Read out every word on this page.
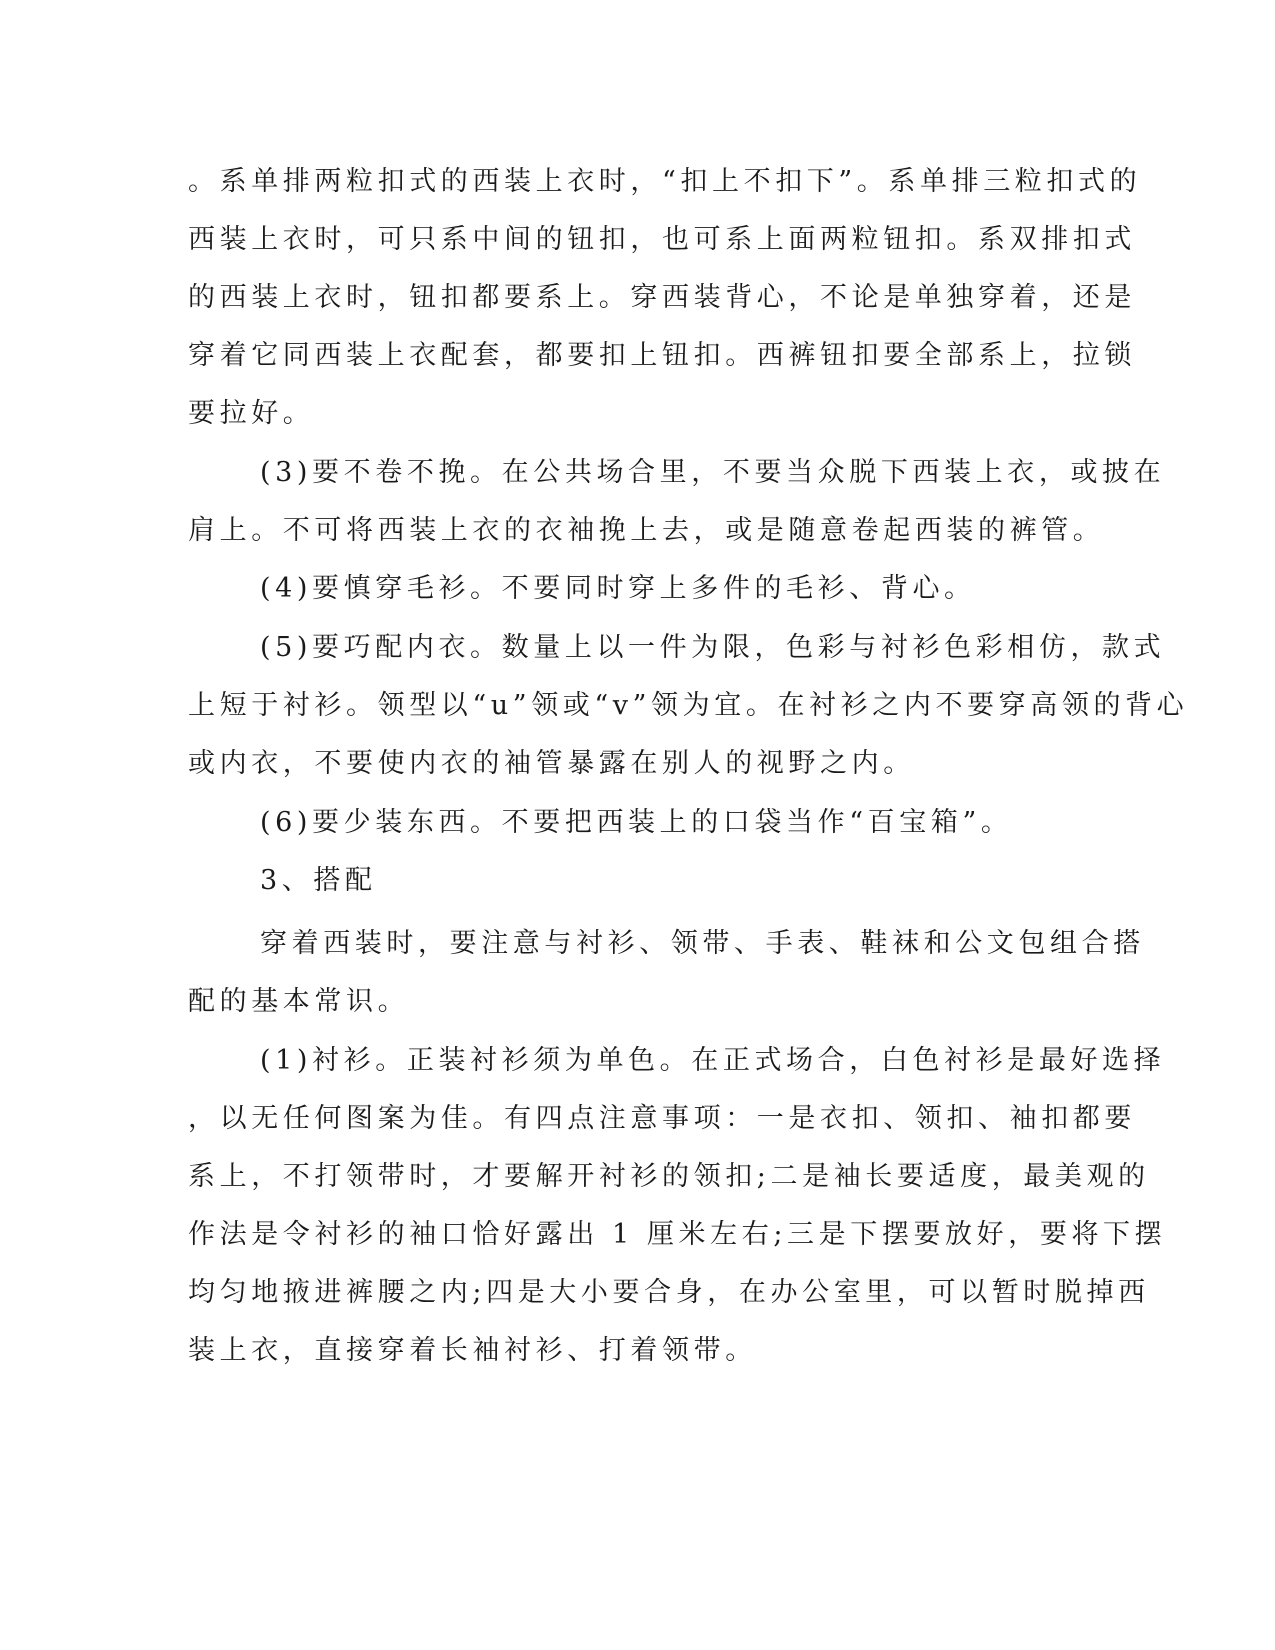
。系单排两粒扣式的西装上衣时，“扣上不扣下”。系单排三粒扣式的
西装上衣时，可只系中间的钮扣，也可系上面两粒钮扣。系双排扣式
的西装上衣时，钮扣都要系上。穿西装背心，不论是单独穿着，还是
穿着它同西装上衣配套，都要扣上钮扣。西裤钮扣要全部系上，拉锁
要拉好。
(3)要不卷不挽。在公共场合里，不要当众脱下西装上衣，或披在
肩上。不可将西装上衣的衣袖挽上去，或是随意卷起西装的裤管。
(4)要慎穿毛衫。不要同时穿上多件的毛衫、背心。
(5)要巧配内衣。数量上以一件为限，色彩与衬衫色彩相仿，款式
上短于衬衫。领型以“u”领或“v”领为宜。在衬衫之内不要穿高领的背心
或内衣，不要使内衣的袖管暴露在别人的视野之内。
(6)要少装东西。不要把西装上的口袋当作“百宝箱”。
3、搭配
穿着西装时，要注意与衬衫、领带、手表、鞋袜和公文包组合搭
配的基本常识。
(1)衬衫。正装衬衫须为单色。在正式场合，白色衬衫是最好选择
，以无任何图案为佳。有四点注意事项：一是衣扣、领扣、袖扣都要
系上，不打领带时，才要解开衬衫的领扣;二是袖长要适度，最美观的
作法是令衬衫的袖口恰好露出 1 厘米左右;三是下摆要放好，要将下摆
均匀地掖进裤腰之内;四是大小要合身，在办公室里，可以暂时脱掉西
装上衣，直接穿着长袖衬衫、打着领带。
